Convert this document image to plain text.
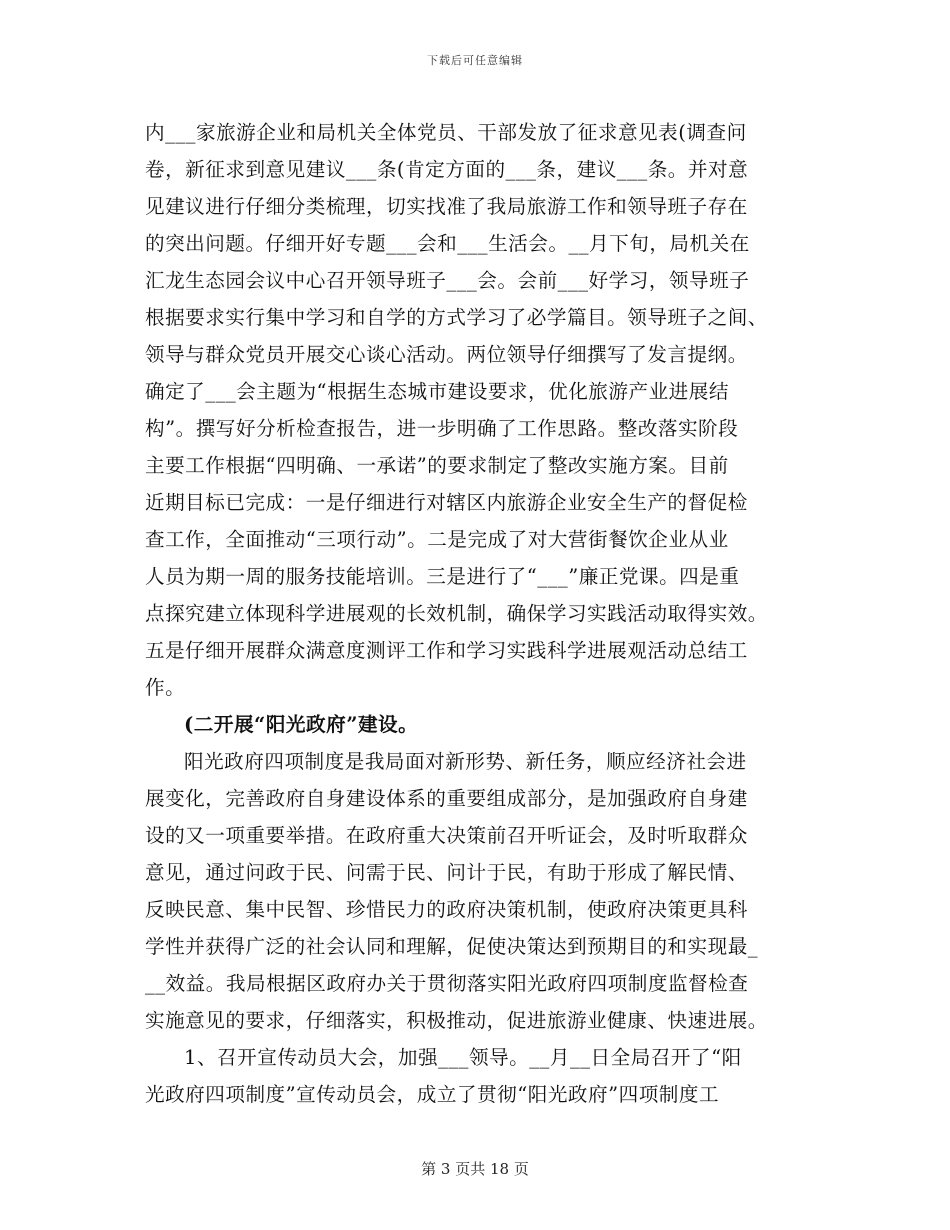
下载后可任意编辑
内___家旅游企业和局机关全体党员、干部发放了征求意见表(调查问
卷，新征求到意见建议___条(肯定方面的___条，建议___条。并对意
见建议进行仔细分类梳理，切实找准了我局旅游工作和领导班子存在
的突出问题。仔细开好专题___会和___生活会。__月下旬，局机关在
汇龙生态园会议中心召开领导班子___会。会前___好学习，领导班子
根据要求实行集中学习和自学的方式学习了必学篇目。领导班子之间、
领导与群众党员开展交心谈心活动。两位领导仔细撰写了发言提纲。
确定了___会主题为“根据生态城市建设要求，优化旅游产业进展结
构”。撰写好分析检查报告，进一步明确了工作思路。整改落实阶段
主要工作根据“四明确、一承诺”的要求制定了整改实施方案。目前
近期目标已完成：一是仔细进行对辖区内旅游企业安全生产的督促检
查工作，全面推动“三项行动”。二是完成了对大营街餐饮企业从业
人员为期一周的服务技能培训。三是进行了“___”廉正党课。四是重
点探究建立体现科学进展观的长效机制，确保学习实践活动取得实效。
五是仔细开展群众满意度测评工作和学习实践科学进展观活动总结工
作。
(二开展“阳光政府”建设。
阳光政府四项制度是我局面对新形势、新任务，顺应经济社会进
展变化，完善政府自身建设体系的重要组成部分，是加强政府自身建
设的又一项重要举措。在政府重大决策前召开听证会，及时听取群众
意见，通过问政于民、问需于民、问计于民，有助于形成了解民情、
反映民意、集中民智、珍惜民力的政府决策机制，使政府决策更具科
学性并获得广泛的社会认同和理解，促使决策达到预期目的和实现最_
__效益。我局根据区政府办关于贯彻落实阳光政府四项制度监督检查
实施意见的要求，仔细落实，积极推动，促进旅游业健康、快速进展。
1、召开宣传动员大会，加强___领导。__月__日全局召开了“阳
光政府四项制度”宣传动员会，成立了贯彻“阳光政府”四项制度工
第 3 页共 18 页
